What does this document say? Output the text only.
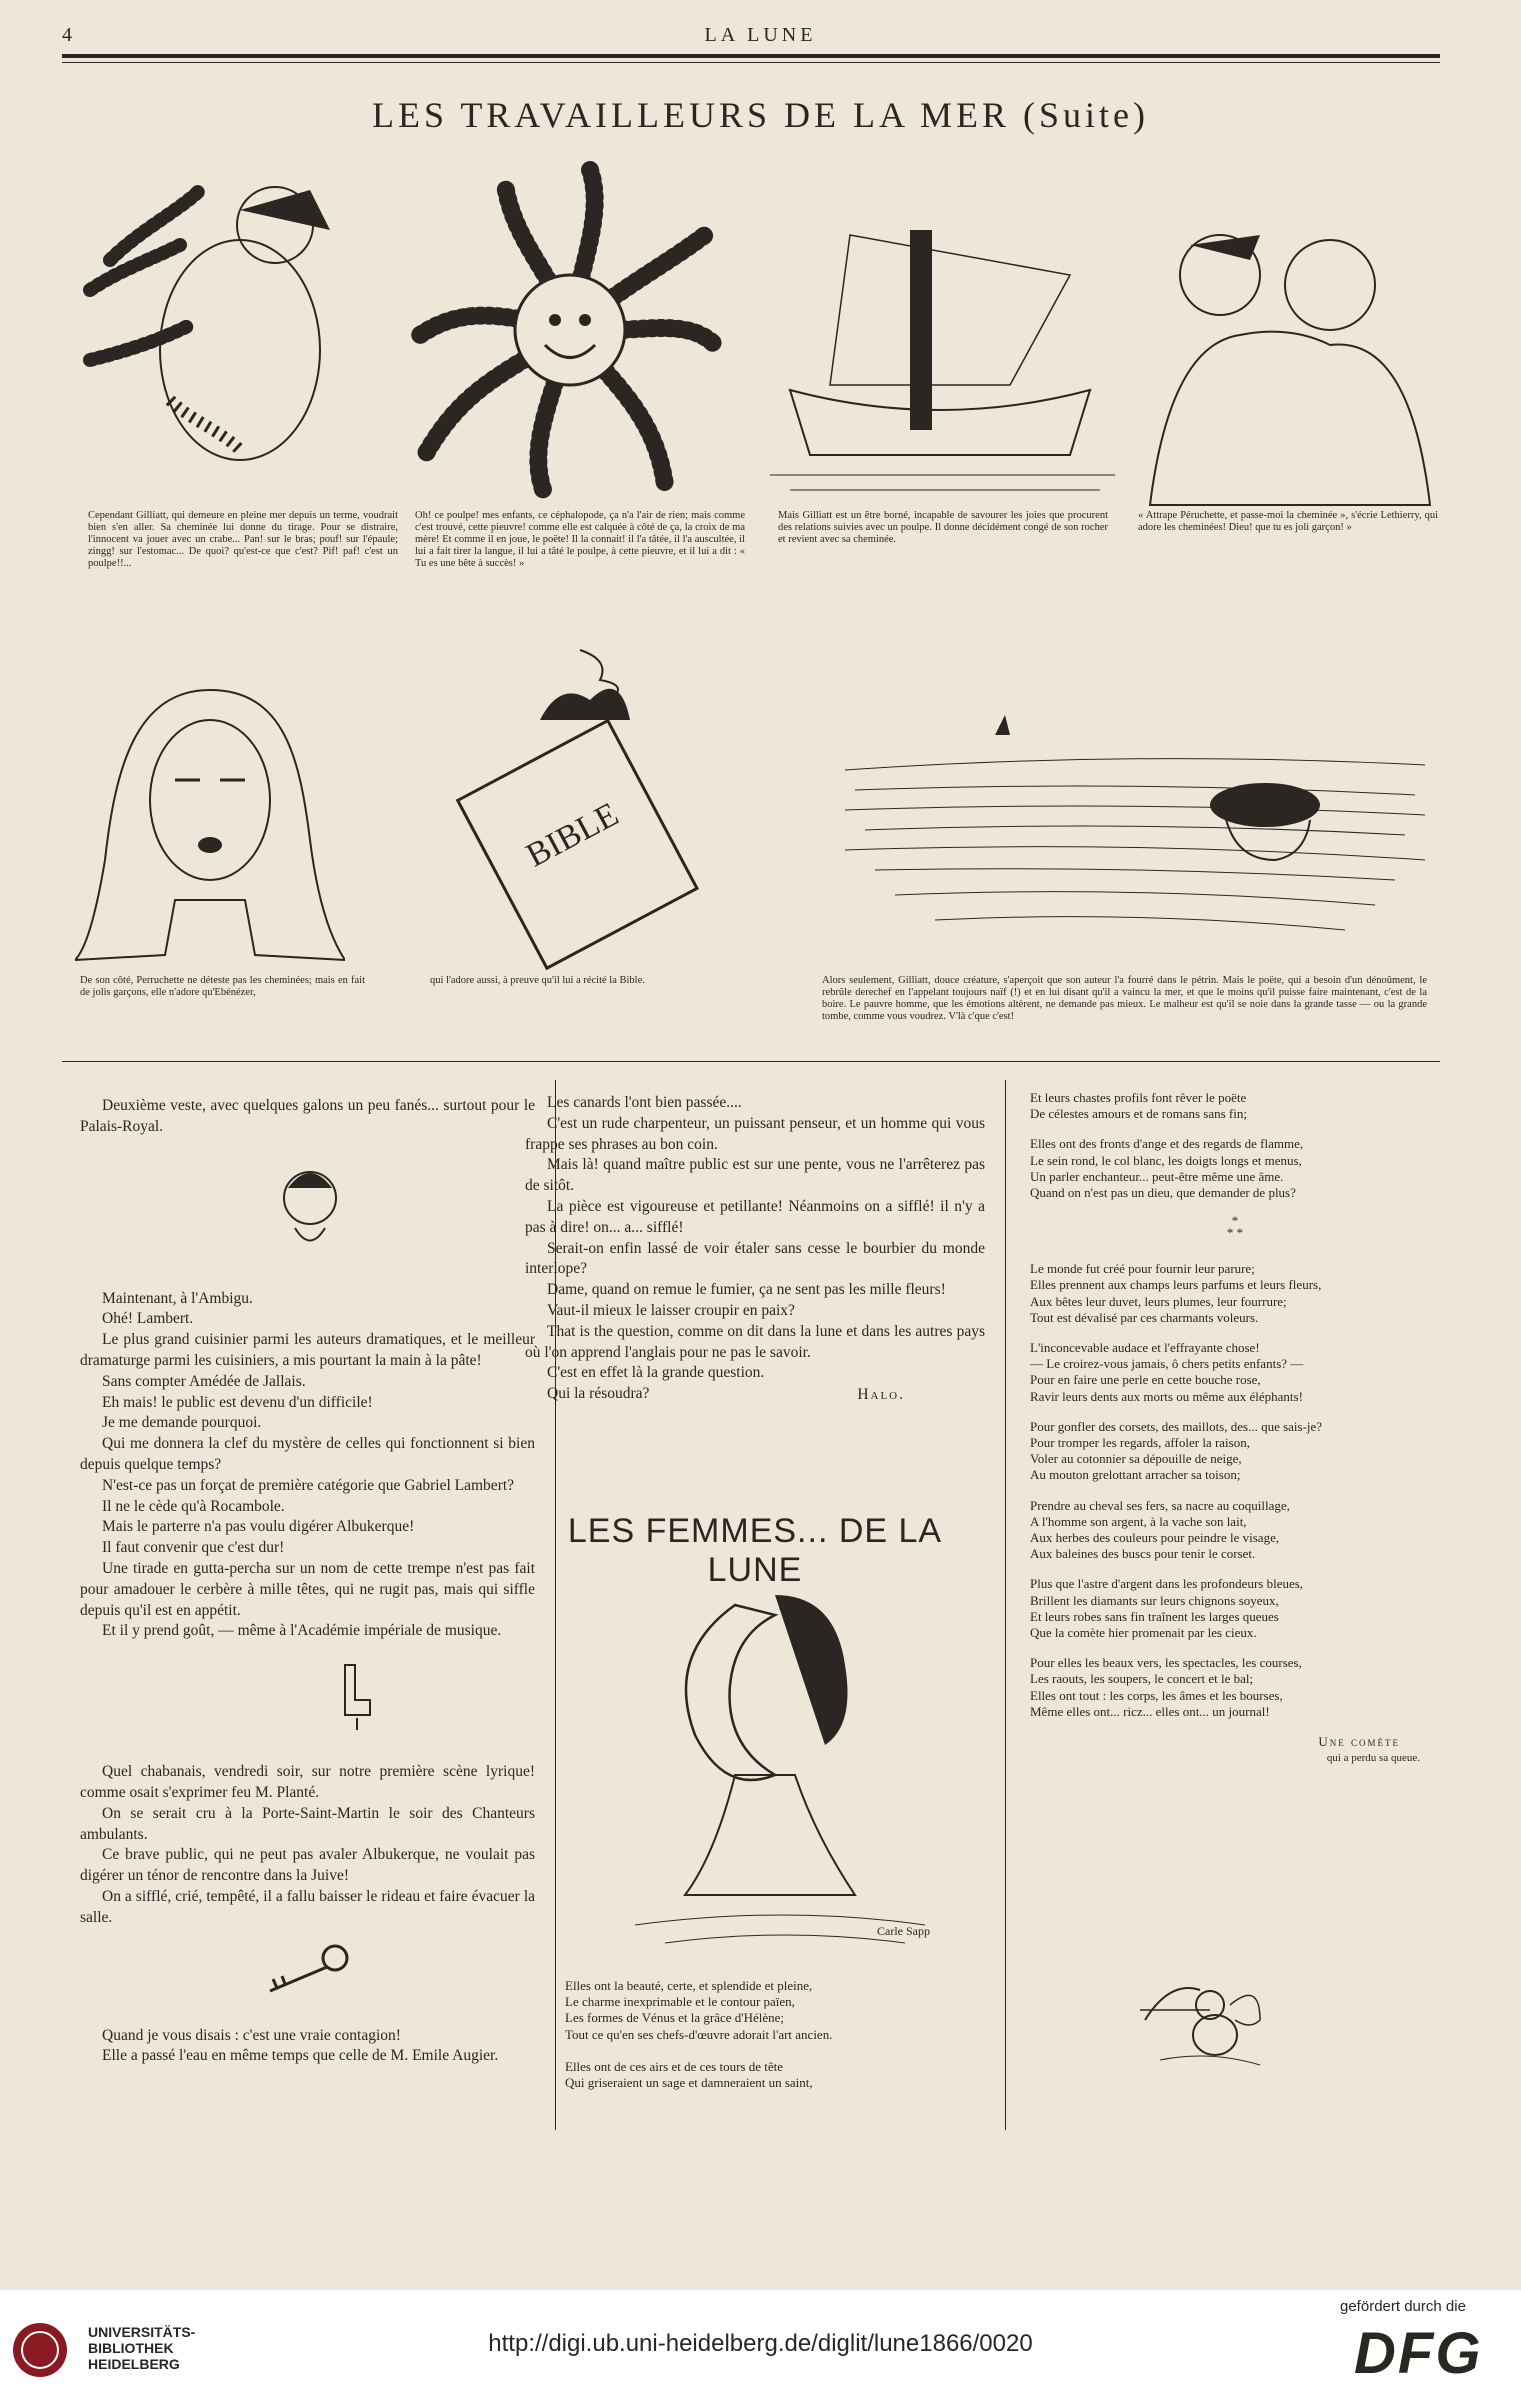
4	LA LUNE
LES TRAVAILLEURS DE LA MER (Suite)
Cependant Gilliatt, qui demeure en pleine mer depuis un terme, voudrait bien s'en aller. Sa cheminée lui donne du tirage. Pour se distraire, l'innocent va jouer avec un crabe... Pan! sur le bras; pouf! sur l'épaule; zingg! sur l'estomac... De quoi? qu'est-ce que c'est? Pif! paf! c'est un poulpe!!...
Oh! ce poulpe! mes enfants, ce céphalopode, ça n'a l'air de rien; mais comme c'est trouvé, cette pieuvre! comme elle est calquée à côté de ça, la croix de ma mère! Et comme il en joue, le poëte! Il la connait! il l'a tâtée, il l'a auscultée, il lui a fait tirer la langue, il lui a tâté le poulpe, à cette pieuvre, et il lui a dit : « Tu es une bête à succès! »
Mais Gilliatt est un être borné, incapable de savourer les joies que procurent des relations suivies avec un poulpe. Il donne décidément congé de son rocher et revient avec sa cheminée.
« Attrape Péruchette, et passe-moi la cheminée », s'écrie Lethierry, qui adore les cheminées! Dieu! que tu es joli garçon! »
BIBLE
De son côté, Perruchette ne déteste pas les cheminées; mais en fait de jolis garçons, elle n'adore qu'Ebénézer,
qui l'adore aussi, à preuve qu'il lui a récité la Bible.	Alors seulement, Gilliatt, douce créature, s'aperçoit que son auteur l'a fourré dans le pétrin. Mais le poëte, qui a besoin d'un dénoûment, le rebrûle derechef en l'appelant toujours naïf (!) et en lui disant qu'il a vaincu la mer, et que le moins qu'il puisse faire maintenant, c'est de la boire. Le pauvre homme, que les émotions altèrent, ne demande pas mieux. Le malheur est qu'il se noie dans la grande tasse — ou la grande tombe, comme vous voudrez. V'là c'que c'est!

Deuxième veste, avec quelques galons un peu fanés... surtout pour le Palais-Royal.

Maintenant, à l'Ambigu.

Ohé! Lambert.

Le plus grand cuisinier parmi les auteurs dramatiques, et le meilleur dramaturge parmi les cuisiniers, a mis pourtant la main à la pâte!

Sans compter Amédée de Jallais.

Eh mais! le public est devenu d'un difficile!

Je me demande pourquoi.

Qui me donnera la clef du mystère de celles qui fonctionnent si bien depuis quelque temps?

N'est-ce pas un forçat de première catégorie que Gabriel Lambert?

Il ne le cède qu'à Rocambole.

Mais le parterre n'a pas voulu digérer Albukerque!

Il faut convenir que c'est dur!

Une tirade en gutta-percha sur un nom de cette trempe n'est pas fait pour amadouer le cerbère à mille têtes, qui ne rugit pas, mais qui siffle depuis qu'il est en appétit.

Et il y prend goût, — même à l'Académie impériale de musique.

Quel chabanais, vendredi soir, sur notre première scène lyrique! comme osait s'exprimer feu M. Planté.

On se serait cru à la Porte-Saint-Martin le soir des Chanteurs ambulants.

Ce brave public, qui ne peut pas avaler Albukerque, ne voulait pas digérer un ténor de rencontre dans la Juive!

On a sifflé, crié, tempêté, il a fallu baisser le rideau et faire évacuer la salle.

Quand je vous disais : c'est une vraie contagion!

Elle a passé l'eau en même temps que celle de M. Emile Augier.

Les canards l'ont bien passée....

C'est un rude charpenteur, un puissant penseur, et un homme qui vous frappe ses phrases au bon coin.

Mais là! quand maître public est sur une pente, vous ne l'arrêterez pas de sitôt.

La pièce est vigoureuse et petillante! Néanmoins on a sifflé! il n'y a pas à dire! on... a... sifflé!

Serait-on enfin lassé de voir étaler sans cesse le bourbier du monde interlope?

Dame, quand on remue le fumier, ça ne sent pas les mille fleurs!

Vaut-il mieux le laisser croupir en paix?

That is the question, comme on dit dans la lune et dans les autres pays où l'on apprend l'anglais pour ne pas le savoir.

C'est en effet là la grande question.

Qui la résoudra?	Halo.

LES FEMMES... DE LA LUNE
Carle Sapp

Elles ont la beauté, certe, et splendide et pleine,

Le charme inexprimable et le contour païen,

Les formes de Vénus et la grâce d'Hélène;

Tout ce qu'en ses chefs-d'œuvre adorait l'art ancien.

Elles ont de ces airs et de ces tours de tête

Qui griseraient un sage et damneraient un saint,

Et leurs chastes profils font rêver le poëte

De célestes amours et de romans sans fin;

Elles ont des fronts d'ange et des regards de flamme,

Le sein rond, le col blanc, les doigts longs et menus,

Un parler enchanteur... peut-être même une âme.

Quand on n'est pas un dieu, que demander de plus?

*

* *

Le monde fut créé pour fournir leur parure;

Elles prennent aux champs leurs parfums et leurs fleurs,

Aux bêtes leur duvet, leurs plumes, leur fourrure;

Tout est dévalisé par ces charmants voleurs.

L'inconcevable audace et l'effrayante chose!

— Le croirez-vous jamais, ô chers petits enfants? —

Pour en faire une perle en cette bouche rose,

Ravir leurs dents aux morts ou même aux éléphants!

Pour gonfler des corsets, des maillots, des... que sais-je?

Pour tromper les regards, affoler la raison,

Voler au cotonnier sa dépouille de neige,

Au mouton grelottant arracher sa toison;

Prendre au cheval ses fers, sa nacre au coquillage,

A l'homme son argent, à la vache son lait,

Aux herbes des couleurs pour peindre le visage,

Aux baleines des buscs pour tenir le corset.

Plus que l'astre d'argent dans les profondeurs bleues,

Brillent les diamants sur leurs chignons soyeux,

Et leurs robes sans fin traînent les larges queues

Que la comète hier promenait par les cieux.

Pour elles les beaux vers, les spectacles, les courses,

Les raouts, les soupers, le concert et le bal;

Elles ont tout : les corps, les âmes et les bourses,

Même elles ont... ricz... elles ont... un journal!

Une comète

qui a perdu sa queue.

UNIVERSITÄTS-
BIBLIOTHEK
HEIDELBERG
http://digi.ub.uni-heidelberg.de/diglit/lune1866/0020
gefördert durch die
DFG
